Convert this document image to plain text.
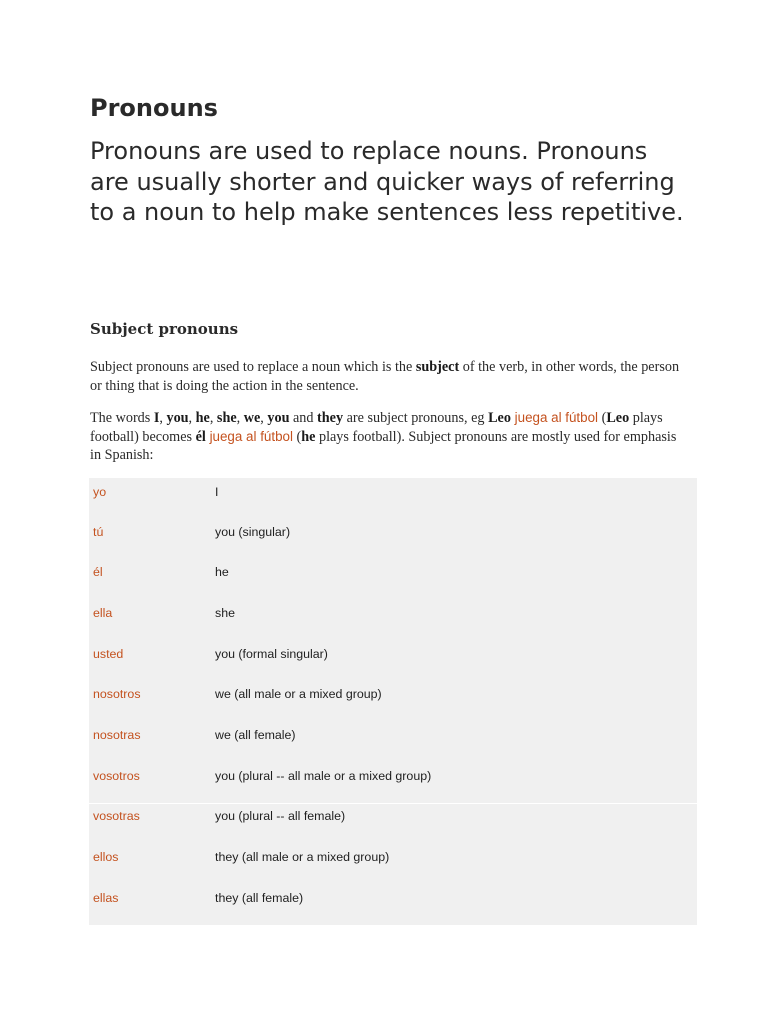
Pronouns

Pronouns are used to replace nouns. Pronouns are usually shorter and quicker ways of referring to a noun to help make sentences less repetitive.

Subject pronouns

Subject pronouns are used to replace a noun which is the subject of the verb, in other words, the person or thing that is doing the action in the sentence.

The words I, you, he, she, we, you and they are subject pronouns, eg Leo juega al fútbol (Leo plays football) becomes él juega al fútbol (he plays football). Subject pronouns are mostly used for emphasis in Spanish:

yo	I
tú	you (singular)
él	he
ella	she
usted	you (formal singular)
nosotros	we (all male or a mixed group)
nosotras	we (all female)
vosotros	you (plural -- all male or a mixed group)
vosotras	you (plural -- all female)
ellos	they (all male or a mixed group)
ellas	they (all female)
